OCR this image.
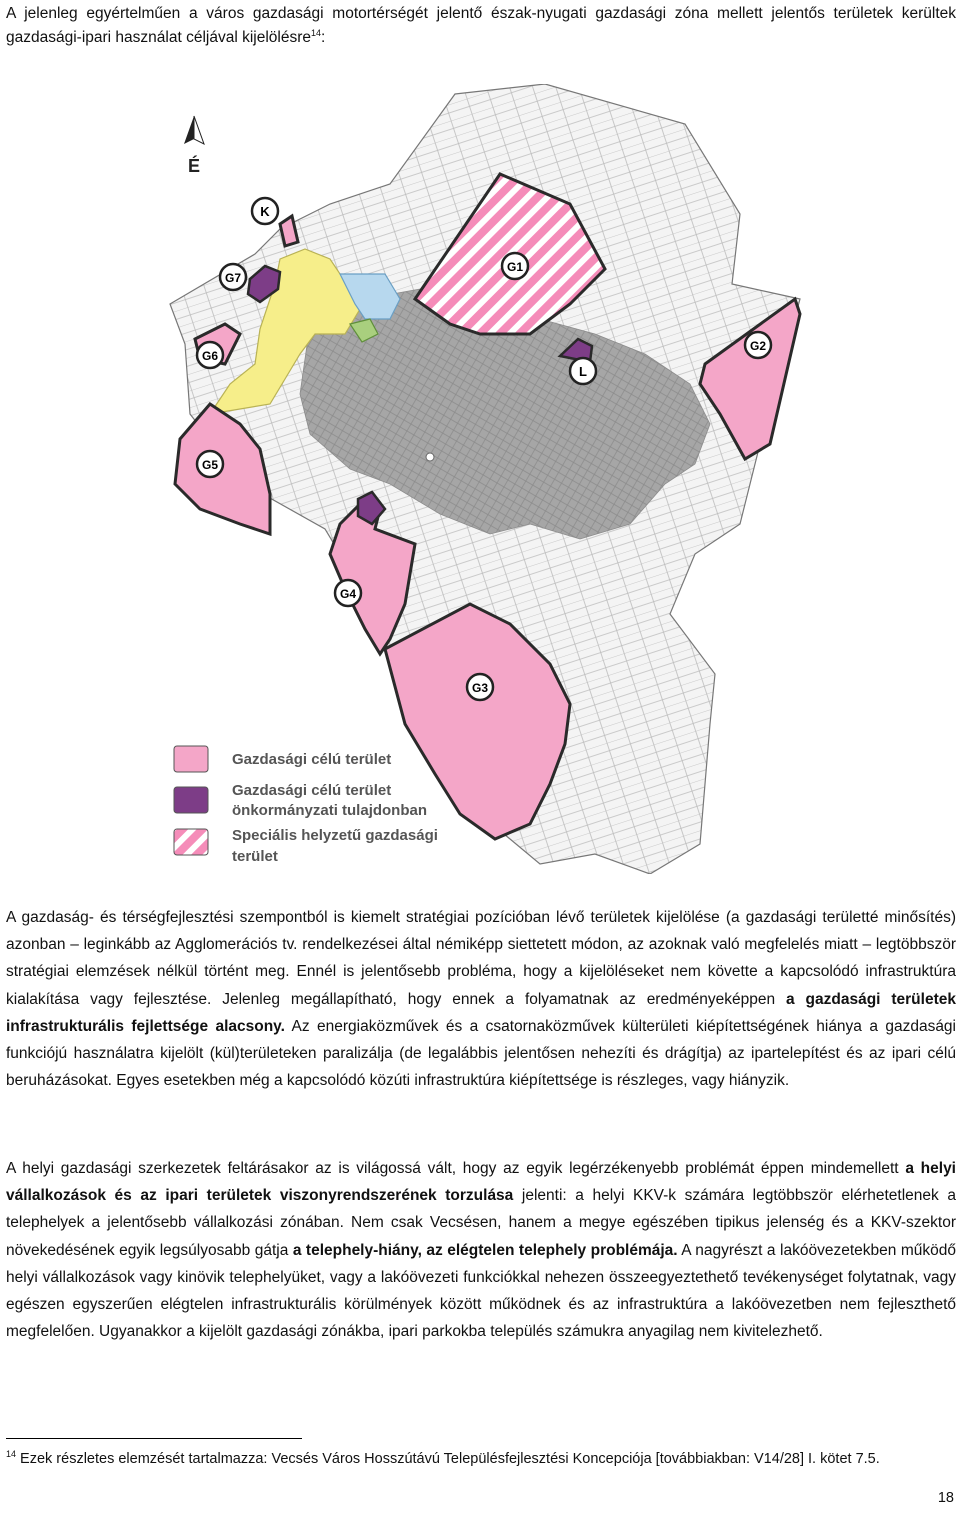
A jelenleg egyértelműen a város gazdasági motortérségét jelentő észak-nyugati gazdasági zóna mellett jelentős területek kerültek gazdasági-ipari használat céljával kijelölésre$^{14}$:

É
K
G7
G1
G6
G2
L
G5
G4
G3
Gazdasági célú terület
Gazdasági célú terület
önkormányzati tulajdonban
Speciális helyzetű gazdasági
terület

A gazdaság- és térségfejlesztési szempontból is kiemelt stratégiai pozícióban lévő területek kijelölése (a gazdasági területté minősítés) azonban – leginkább az Agglomerációs tv. rendelkezései által némiképp siettetett módon, az azoknak való megfelelés miatt – legtöbbször stratégiai elemzések nélkül történt meg. Ennél is jelentősebb probléma, hogy a kijelöléseket nem követte a kapcsolódó infrastruktúra kialakítása vagy fejlesztése. Jelenleg megállapítható, hogy ennek a folyamatnak az eredményeképpen a gazdasági területek infrastrukturális fejlettsége alacsony. Az energiaközművek és a csatornaközművek külterületi kiépítettségének hiánya a gazdasági funkciójú használatra kijelölt (kül)területeken paralizálja (de legalábbis jelentősen nehezíti és drágítja) az ipartelepítést és az ipari célú beruházásokat. Egyes esetekben még a kapcsolódó közúti infrastruktúra kiépítettsége is részleges, vagy hiányzik.

A helyi gazdasági szerkezetek feltárásakor az is világossá vált, hogy az egyik legérzékenyebb problémát éppen mindemellett a helyi vállalkozások és az ipari területek viszonyrendszerének torzulása jelenti: a helyi KKV-k számára legtöbbször elérhetetlenek a telephelyek a jelentősebb vállalkozási zónában. Nem csak Vecsésen, hanem a megye egészében tipikus jelenség és a KKV-szektor növekedésének egyik legsúlyosabb gátja a telephely-hiány, az elégtelen telephely problémája. A nagyrészt a lakóövezetekben működő helyi vállalkozások vagy kinövik telephelyüket, vagy a lakóövezeti funkciókkal nehezen összeegyeztethető tevékenységet folytatnak, vagy egészen egyszerűen elégtelen infrastrukturális körülmények között működnek és az infrastruktúra a lakóövezetben nem fejleszthető megfelelően. Ugyanakkor a kijelölt gazdasági zónákba, ipari parkokba település számukra anyagilag nem kivitelezhető.

$^{14}$ Ezek részletes elemzését tartalmazza: Vecsés Város Hosszútávú Településfejlesztési Koncepciója [továbbiakban: V14/28] I. kötet 7.5.

18
